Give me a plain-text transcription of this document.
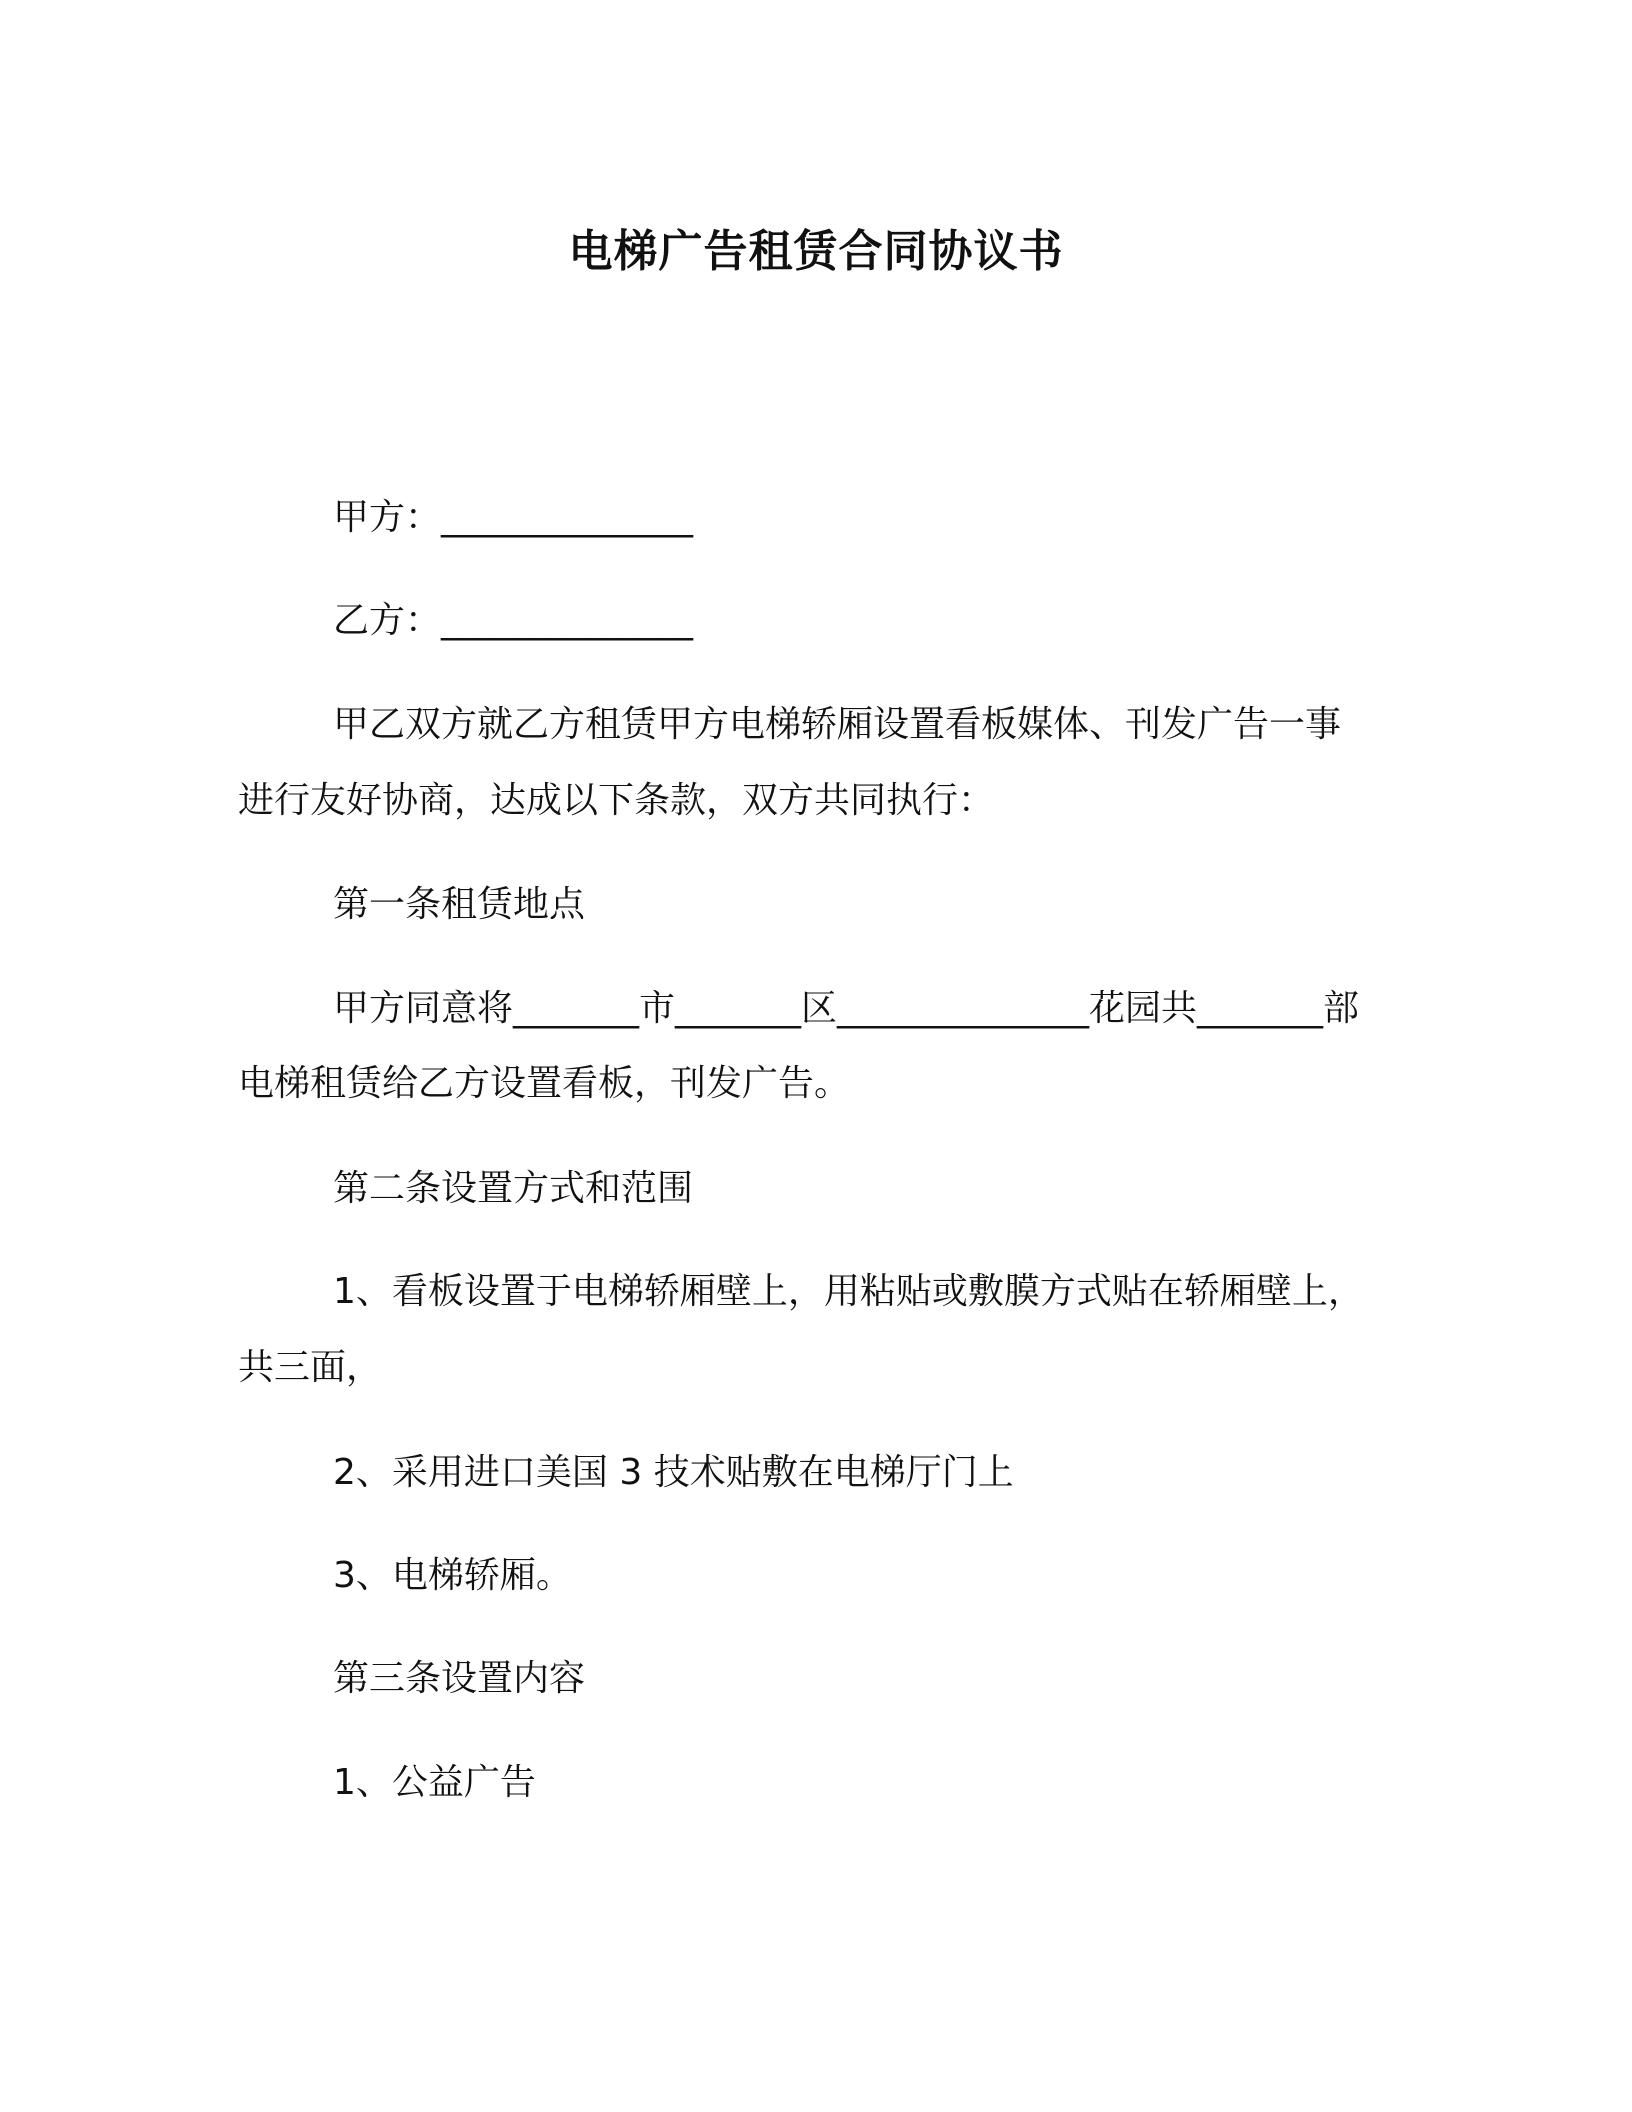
电梯广告租赁合同协议书
甲方：______________
乙方：______________
甲乙双方就乙方租赁甲方电梯轿厢设置看板媒体、刊发广告一事
进行友好协商，达成以下条款，双方共同执行：
第一条租赁地点
甲方同意将_______市_______区______________花园共_______部
电梯租赁给乙方设置看板，刊发广告。
第二条设置方式和范围
1、看板设置于电梯轿厢壁上，用粘贴或敷膜方式贴在轿厢壁上，
共三面，
2、采用进口美国 3 技术贴敷在电梯厅门上
3、电梯轿厢。
第三条设置内容
1、公益广告
